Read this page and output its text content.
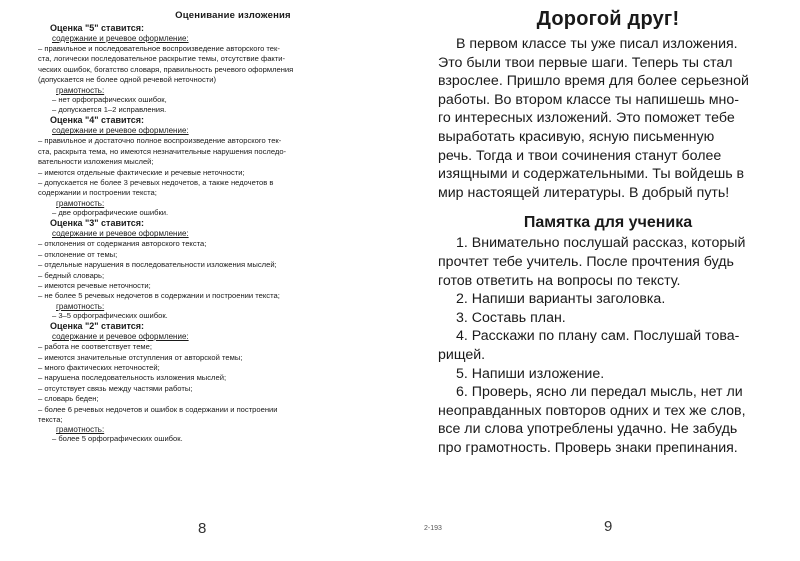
Оценивание изложения
Оценка "5" ставится:
содержание и речевое оформление:
– правильное и последовательное воспроизведение авторского тек-
ста, логически последовательное раскрытие темы, отсутствие факти-
ческих ошибок, богатство словаря, правильность речевого оформления
(допускается не более одной речевой неточности)
грамотность:
– нет орфографических ошибок,
– допускается 1–2 исправления.
Оценка "4" ставится:
содержание и речевое оформление:
– правильное и достаточно полное воспроизведение авторского тек-
ста, раскрыта тема, но имеются незначительные нарушения последо-
вательности изложения мыслей;
– имеются отдельные фактические и речевые неточности;
– допускается не более 3 речевых недочетов, а также недочетов в
содержании и построении текста;
грамотность:
– две орфографические ошибки.
Оценка "3" ставится:
содержание и речевое оформление:
– отклонения от содержания авторского текста;
– отклонение от темы;
– отдельные нарушения в последовательности изложения мыслей;
– бедный словарь;
– имеются речевые неточности;
– не более 5 речевых недочетов в содержании и построении текста;
грамотность:
– 3–5 орфографических ошибок.
Оценка "2" ставится:
содержание и речевое оформление:
– работа не соответствует теме;
– имеются значительные отступления от авторской темы;
– много фактических неточностей;
– нарушена последовательность изложения мыслей;
– отсутствует связь между частями работы;
– словарь беден;
– более 6 речевых недочетов и ошибок в содержании и построении
текста;
грамотность:
– более 5 орфографических ошибок.
8
Дорогой друг!
В первом классе ты уже писал изложения.
Это были твои первые шаги. Теперь ты стал
взрослее. Пришло время для более серьезной
работы. Во втором классе ты напишешь мно-
го интересных изложений. Это поможет тебе
выработать красивую, ясную письменную
речь. Тогда и твои сочинения станут более
изящными и содержательными. Ты войдешь в
мир настоящей литературы. В добрый путь!
Памятка для ученика
1. Внимательно послушай рассказ, который
прочтет тебе учитель. После прочтения будь
готов ответить на вопросы по тексту.
2. Напиши варианты заголовка.
3. Составь план.
4. Расскажи по плану сам. Послушай това-
рищей.
5. Напиши изложение.
6. Проверь, ясно ли передал мысль, нет ли
неоправданных повторов одних и тех же слов,
все ли слова употреблены удачно. Не забудь
про грамотность. Проверь знаки препинания.
2-193	9
